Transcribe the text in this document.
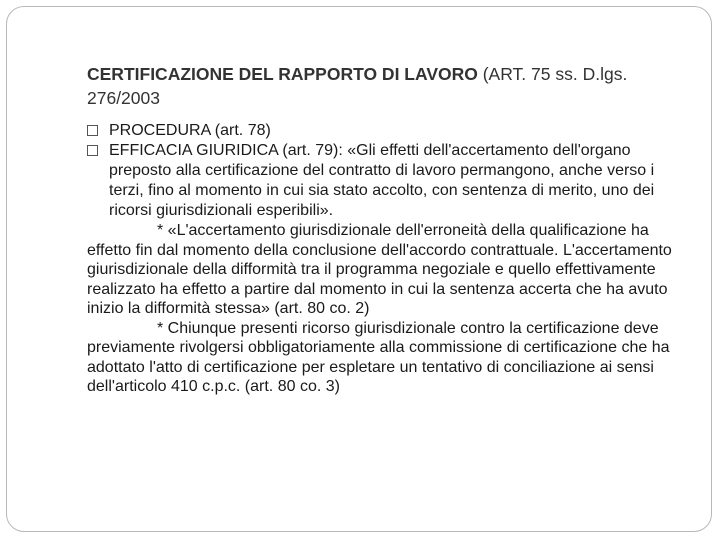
CERTIFICAZIONE DEL RAPPORTO DI LAVORO (ART. 75 ss. D.lgs. 276/2003
PROCEDURA (art. 78)
EFFICACIA GIURIDICA (art. 79): «Gli effetti dell'accertamento dell'organo preposto alla certificazione del contratto di lavoro permangono, anche verso i terzi, fino al momento in cui sia stato accolto, con sentenza di merito, uno dei ricorsi giurisdizionali esperibili».
* «L'accertamento giurisdizionale dell'erroneità della qualificazione ha effetto fin dal momento della conclusione dell'accordo contrattuale. L'accertamento giurisdizionale della difformità tra il programma negoziale e quello effettivamente realizzato ha effetto a partire dal momento in cui la sentenza accerta che ha avuto inizio la difformità stessa» (art. 80 co. 2)
* Chiunque presenti ricorso giurisdizionale contro la certificazione deve previamente rivolgersi obbligatoriamente alla commissione di certificazione che ha adottato l'atto di certificazione per espletare un tentativo di conciliazione ai sensi dell'articolo 410 c.p.c. (art. 80 co. 3)
